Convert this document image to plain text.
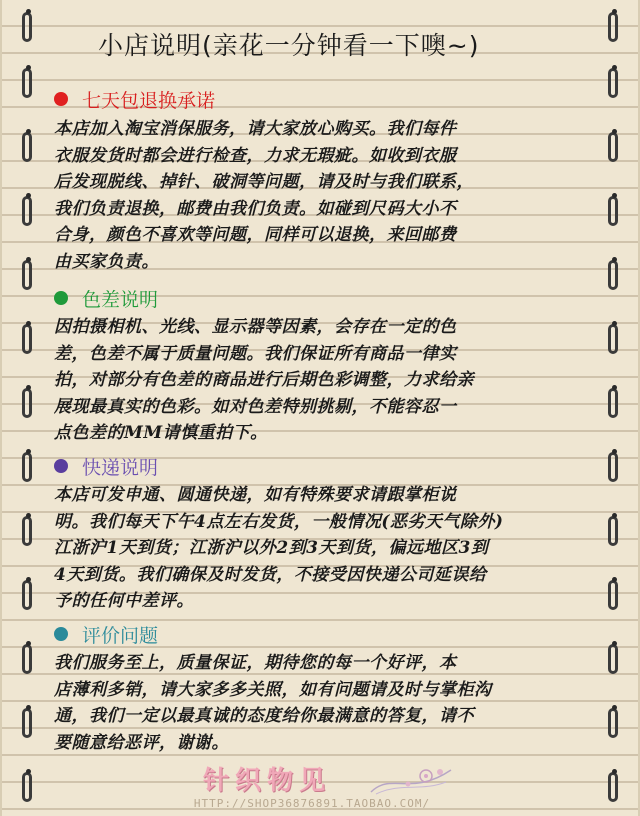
小店说明(亲花一分钟看一下噢~)
七天包退换承诺
本店加入淘宝消保服务，请大家放心购买。我们每件
衣服发货时都会进行检查，力求无瑕疵。如收到衣服
后发现脱线、掉针、破洞等问题，请及时与我们联系，
我们负责退换，邮费由我们负责。如碰到尺码大小不
合身，颜色不喜欢等问题，同样可以退换，来回邮费
由买家负责。
色差说明
因拍摄相机、光线、显示器等因素，会存在一定的色
差，色差不属于质量问题。我们保证所有商品一律实
拍，对部分有色差的商品进行后期色彩调整，力求给亲
展现最真实的色彩。如对色差特别挑剔，不能容忍一
点色差的MM请慎重拍下。
快递说明
本店可发申通、圆通快递，如有特殊要求请跟掌柜说
明。我们每天下午4点左右发货，一般情况(恶劣天气除外)
江浙沪1天到货；江浙沪以外2到3天到货，偏远地区3到
4天到货。我们确保及时发货，不接受因快递公司延误给
予的任何中差评。
评价问题
我们服务至上，质量保证，期待您的每一个好评，本
店薄利多销，请大家多多关照，如有问题请及时与掌柜沟
通，我们一定以最真诚的态度给你最满意的答复，请不
要随意给恶评，谢谢。
针织物见
HTTP://SHOP36876891.TAOBAO.COM/
